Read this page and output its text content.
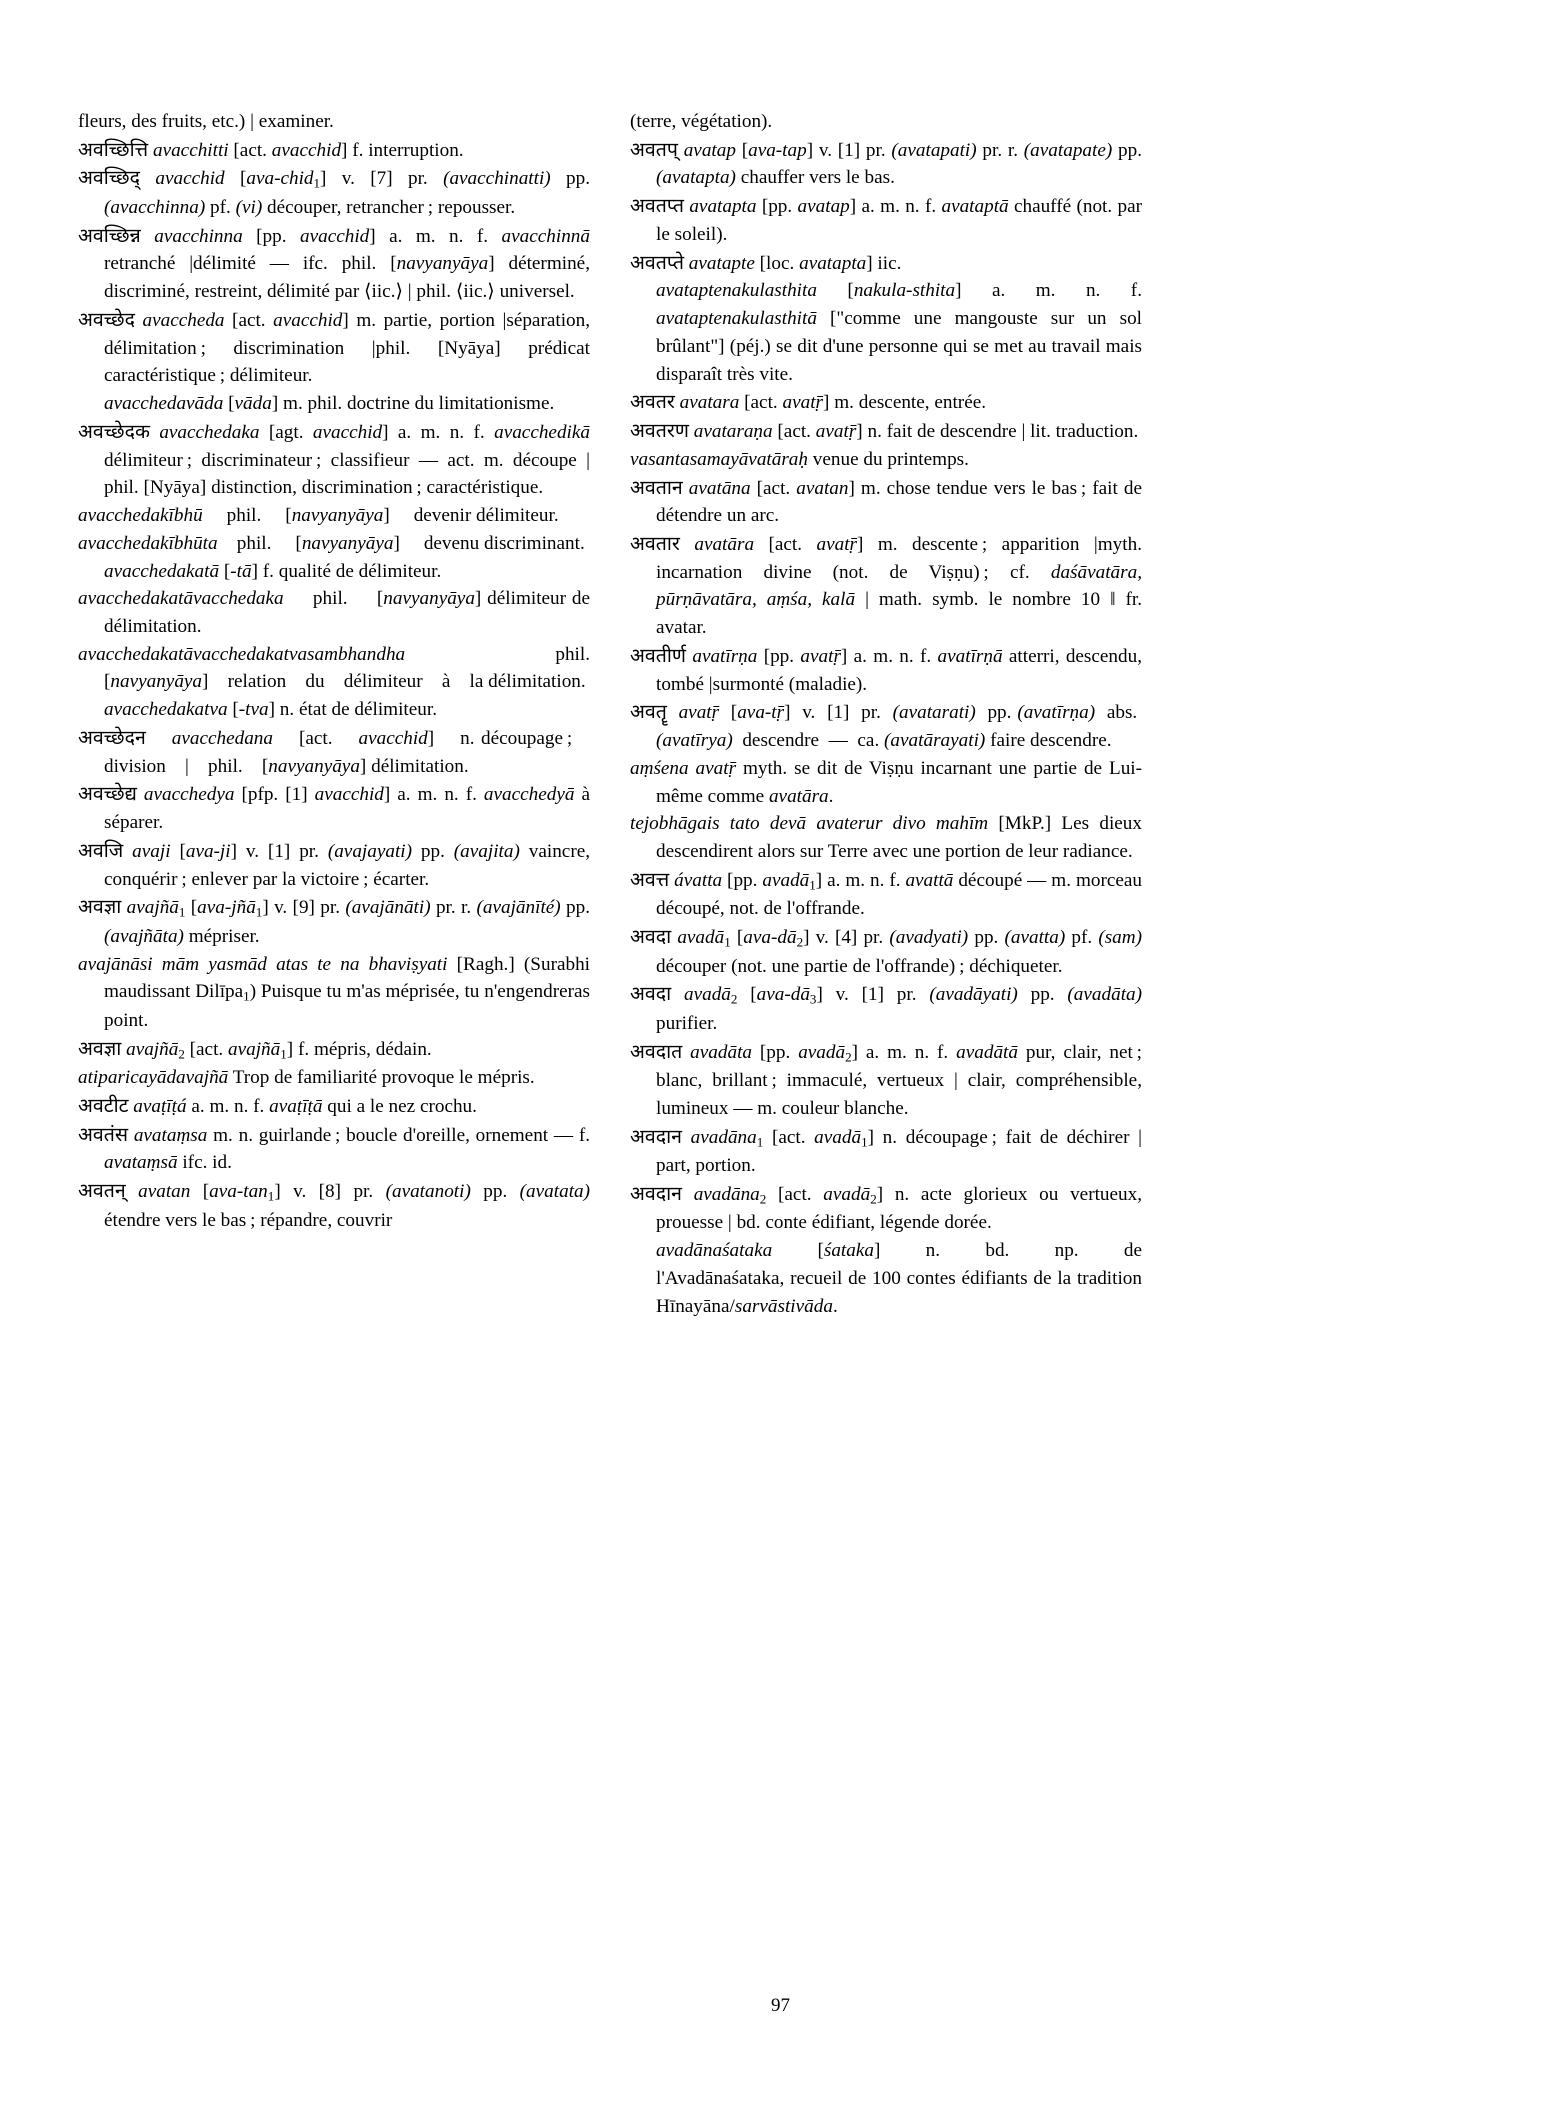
fleurs, des fruits, etc.) | examiner.

अवच्छित्ति avacchitti [act. avacchid] f. interruption.

अवच्छिद् avacchid [ava-chid$_1$] v. [7] pr. (avacchinatti) pp. (avacchinna) pf. (vi) découper, retrancher ; repousser.

अवच्छिन्न avacchinna [pp. avacchid] a. m. n. f. avacchinnā retranché |délimité — ifc. phil. [navyanyāya] déterminé, discriminé, restreint, délimité par ⟨iic.⟩ | phil. ⟨iic.⟩ universel.

अवच्छेद avaccheda [act. avacchid] m. partie, portion |séparation, délimitation ; discrimination |phil. [Nyāya] prédicat caractéristique ; délimiteur.

avacchedavāda [vāda] m. phil. doctrine du limitationisme.

अवच्छेदक avacchedaka [agt. avacchid] a. m. n. f. avacchedikā délimiteur ; discriminateur ; classifieur — act. m. découpe | phil. [Nyāya] distinction, discrimination ; caractéristique.

avacchedakībhū     phil.     [navyanyāya]     devenir délimiteur.

avacchedakībhūta    phil.     [navyanyāya]     devenu discriminant.

avacchedakatā [-tā] f. qualité de délimiteur.

avacchedakatāvacchedaka     phil.     [navyanyāya] délimiteur de délimitation.

avacchedakatāvacchedakatvasambhandha       phil. [navyanyāya]    relation    du    délimiteur    à    la délimitation.

avacchedakatva [-tva] n. état de délimiteur.

अवच्छेदन avacchedana    [act.    avacchid]    n. découpage ;    division    |    phil.    [navyanyāya] délimitation.

अवच्छेद्य avacchedya [pfp. [1] avacchid] a. m. n. f. avacchedyā à séparer.

अवजि avaji [ava-ji] v. [1] pr. (avajayati) pp. (avajita) vaincre, conquérir ; enlever par la victoire ; écarter.

अवज्ञा avajñā$_1$ [ava-jñā$_1$] v. [9] pr. (avajānāti) pr. r. (avajānīté) pp. (avajñāta) mépriser.

avajānāsi mām yasmād atas te na bhaviṣyati [Ragh.] (Surabhi maudissant Dilīpa$_1$) Puisque tu m'as méprisée, tu n'engendreras point.

अवज्ञा avajñā$_2$ [act. avajñā$_1$] f. mépris, dédain.

atiparicayādavajñā Trop de familiarité provoque le mépris.

अवटीट avaṭīṭá a. m. n. f. avaṭīṭā qui a le nez crochu.

अवतंस avataṃsa m. n. guirlande ; boucle d'oreille, ornement — f. avataṃsā ifc. id.

अवतन् avatan $[ava-\tan_1]$ v. [8] pr. (avatanoti) pp. (avatata) étendre vers le bas ; répandre, couvrir

(terre, végétation).

अवतप् avatap [ava-tap] v. [1] pr. (avatapati) pr. r. (avatapate) pp. (avatapta) chauffer vers le bas.

अवतप्त avatapta [pp. avatap] a. m. n. f. avataptā chauffé (not. par le soleil).

अवतप्ते avatapte [loc. avatapta] iic.

avataptenakulasthita [nakula-sthita] a. m. n. f. avataptenakulasthitā ["comme une mangouste sur un sol brûlant"] (péj.) se dit d'une personne qui se met au travail mais disparaît très vite.

अवतर avatara [act. avatṝ] m. descente, entrée.

अवतरण avataraṇa [act. avatṝ] n. fait de descendre | lit. traduction.

vasantasamayāvatāraḥ venue du printemps.

अवतान avatāna [act. avatan] m. chose tendue vers le bas ; fait de détendre un arc.

अवतार avatāra [act. avatṝ] m. descente ; apparition |myth. incarnation divine (not. de Viṣṇu) ; cf. daśāvatāra, pūrṇāvatāra, aṃśa, kalā | math. symb. le nombre 10 ‖ fr. avatar.

अवतीर्ण avatīrṇa [pp. avatṝ] a. m. n. f. avatīrṇā atterri, descendu, tombé |surmonté (maladie).

अवतॄ avatṝ  [ava-tṝ]  v.  [1]  pr.  (avatarati)  pp. (avatīrṇa)  abs.  (avatīrya)  descendre  —  ca. (avatārayati) faire descendre.

aṃśena avatṝ myth. se dit de Viṣṇu incarnant une partie de Lui-même comme avatāra.

tejobhāgais tato devā avaterur divo mahīm [MkP.] Les dieux descendirent alors sur Terre avec une portion de leur radiance.

अवत्त ávatta [pp. avadā$_1$] a. m. n. f. avattā découpé — m. morceau découpé, not. de l'offrande.

अवदा avadā$_1$ $[ava-dā_2]$ v. [4] pr. (avadyati) pp. (avatta) pf. (sam) découper (not. une partie de l'offrande) ; déchiqueter.

अवदा avadā$_2$ $[ava-dā_3]$ v. [1] pr. (avadāyati) pp. (avadāta) purifier.

अवदात avadāta [pp. avadā$_2$] a. m. n. f. avadātā pur, clair, net ; blanc, brillant ; immaculé, vertueux | clair, compréhensible, lumineux — m. couleur blanche.

अवदान avadāna$_1$ [act. avadā$_1$] n. découpage ; fait de déchirer | part, portion.

अवदान avadāna$_2$ [act. avadā$_2$] n. acte glorieux ou vertueux, prouesse | bd. conte édifiant, légende dorée.

avadānaśataka    [śataka]    n.    bd.    np.    de l'Avadānaśataka, recueil de 100 contes édifiants de la tradition Hīnayāna/sarvāstivāda.

97
